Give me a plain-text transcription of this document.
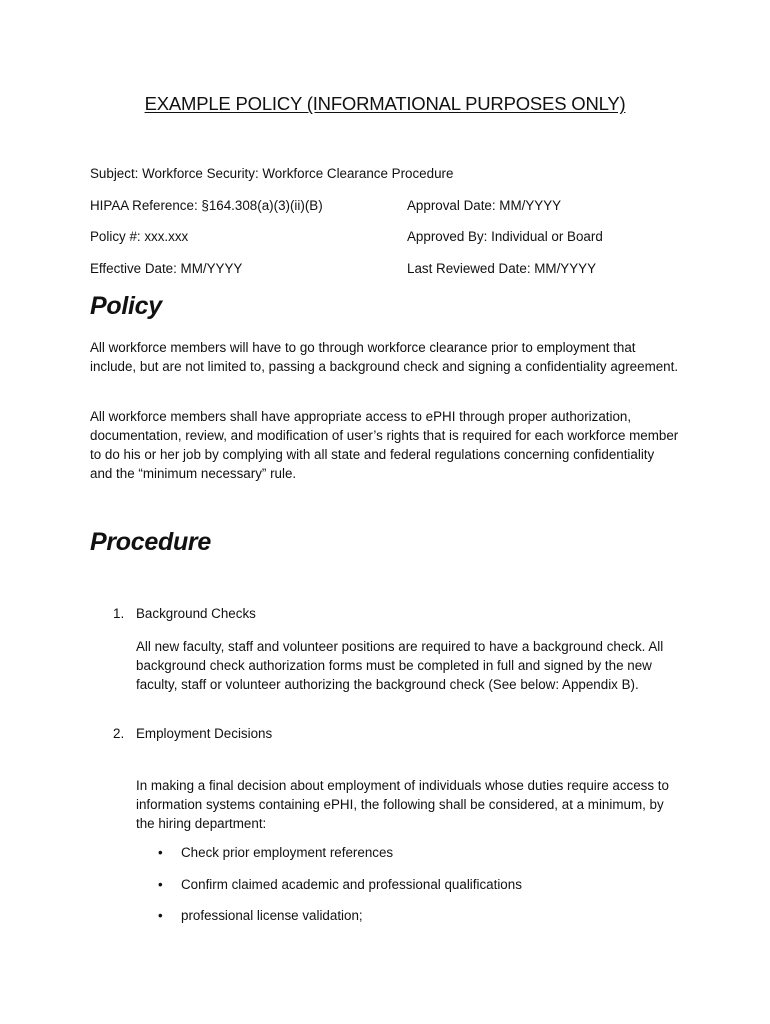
EXAMPLE POLICY (INFORMATIONAL PURPOSES ONLY)
Subject: Workforce Security: Workforce Clearance Procedure
HIPAA Reference: §164.308(a)(3)(ii)(B)	Approval Date: MM/YYYY
Policy #: xxx.xxx	Approved By: Individual or Board
Effective Date: MM/YYYY	Last Reviewed Date: MM/YYYY
Policy
All workforce members will have to go through workforce clearance prior to employment that include, but are not limited to, passing a background check and signing a confidentiality agreement.
All workforce members shall have appropriate access to ePHI through proper authorization, documentation, review, and modification of user’s rights that is required for each workforce member to do his or her job by complying with all state and federal regulations concerning confidentiality and the “minimum necessary” rule.
Procedure
1. Background Checks
All new faculty, staff and volunteer positions are required to have a background check. All background check authorization forms must be completed in full and signed by the new faculty, staff or volunteer authorizing the background check (See below: Appendix B).
2. Employment Decisions
In making a final decision about employment of individuals whose duties require access to information systems containing ePHI, the following shall be considered, at a minimum, by the hiring department:
• Check prior employment references
• Confirm claimed academic and professional qualifications
• professional license validation;
